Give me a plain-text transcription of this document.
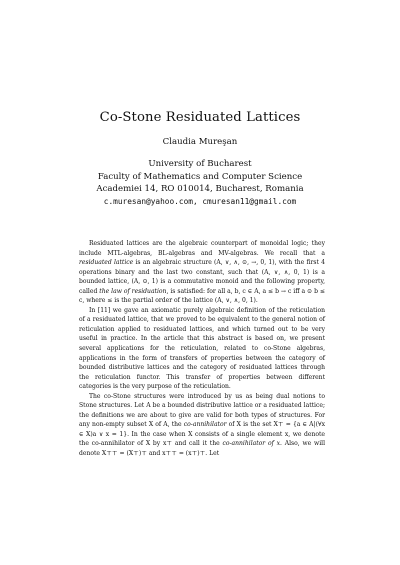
Co-Stone Residuated Lattices
Claudia Mureşan
University of Bucharest
Faculty of Mathematics and Computer Science
Academiei 14, RO 010014, Bucharest, Romania
c.muresan@yahoo.com, cmuresan11@gmail.com

Residuated lattices are the algebraic counterpart of monoidal logic; they include MTL-algebras, BL-algebras and MV-algebras. We recall that a residuated lattice is an algebraic structure (A, ∨, ∧, ⊙, →, 0, 1), with the first 4 operations binary and the last two constant, such that (A, ∨, ∧, 0, 1) is a bounded lattice, (A, ⊙, 1) is a commutative monoid and the following property, called the law of residuation, is satisfied: for all a, b, c ∈ A, a ≤ b → c iff a ⊙ b ≤ c, where ≤ is the partial order of the lattice (A, ∨, ∧, 0, 1).

In [11] we gave an axiomatic purely algebraic definition of the reticulation of a residuated lattice, that we proved to be equivalent to the general notion of reticulation applied to residuated lattices, and which turned out to be very useful in practice. In the article that this abstract is based on, we present several applications for the reticulation, related to co-Stone algebras, applications in the form of transfers of properties between the category of bounded distributive lattices and the category of residuated lattices through the reticulation functor. This transfer of properties between different categories is the very purpose of the reticulation.

The co-Stone structures were introduced by us as being dual notions to Stone structures. Let A be a bounded distributive lattice or a residuated lattice; the definitions we are about to give are valid for both types of structures. For any non-empty subset X of A, the co-annihilator of X is the set X⊤ = {a ∈ A|(∀x ∈ X)a ∨ x = 1}. In the case when X consists of a single element x, we denote the co-annihilator of X by x⊤ and call it the co-annihilator of x. Also, we will denote X⊤⊤ = (X⊤)⊤ and x⊤⊤ = (x⊤)⊤. Let
